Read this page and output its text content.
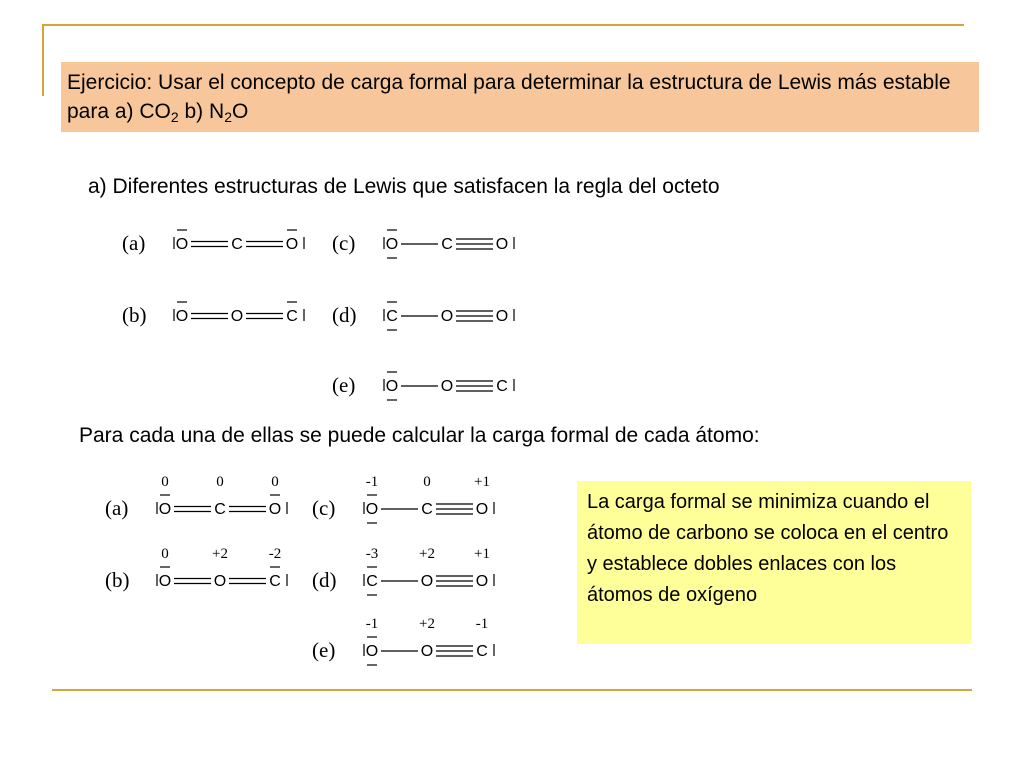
Ejercicio: Usar el concepto de carga formal para determinar la estructura de Lewis más estable para a) $CO_2$ b) $N_2O$
a) Diferentes estructuras de Lewis que satisfacen la regla del octeto
(a) O	C	O
(b) O	O	C
(c) O	C	O
(d) C	O	O
(e) O	O	C
Para cada una de ellas se puede calcular la carga formal de cada átomo:
(a) O	C	O
0	0	0
(b) O	O	C
0	+2	-2
(c) O	C	O
-1	0	+1
(d) C	O	O
-3	+2	+1
(e) O	O	C
-1	+2	-1
La carga formal se minimiza cuando el átomo de carbono se coloca en el centro y establece dobles enlaces con los átomos de oxígeno
